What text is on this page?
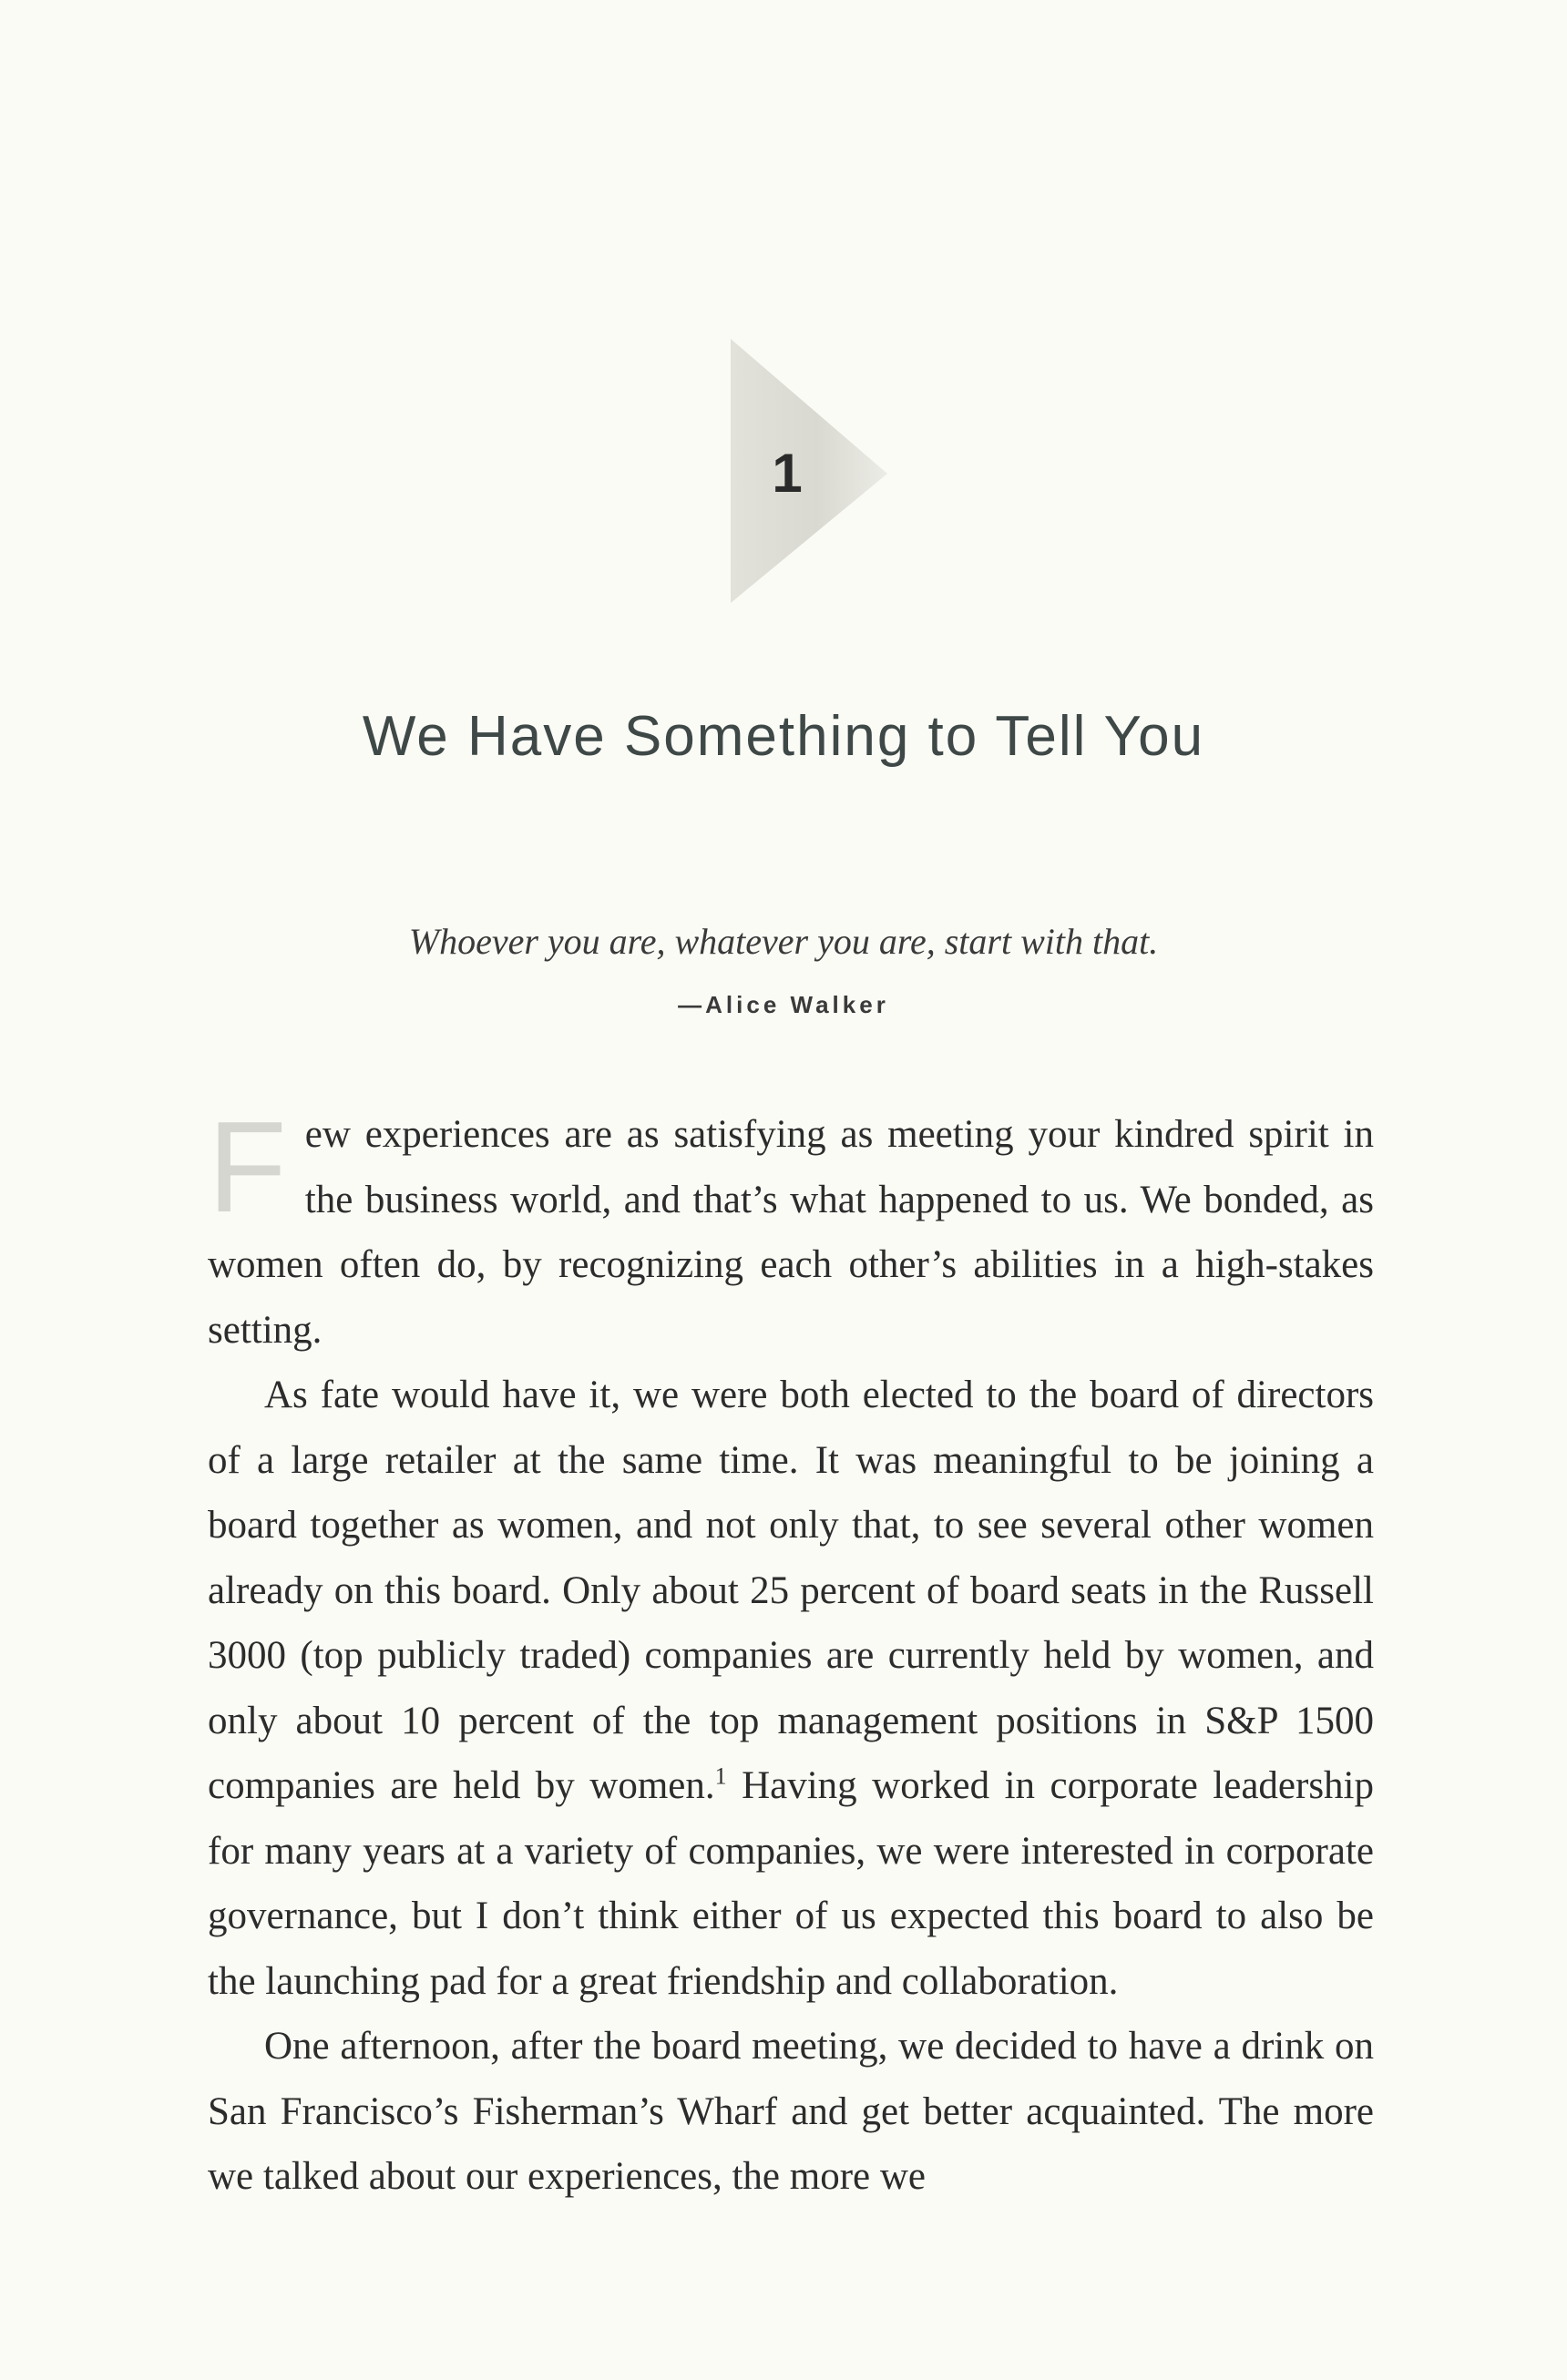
1
We Have Something to Tell You
Whoever you are, whatever you are, start with that.
—Alice Walker

Few experiences are as satisfying as meeting your kindred spirit in the business world, and that’s what happened to us. We bonded, as women often do, by recognizing each other’s abilities in a high-stakes setting.

As fate would have it, we were both elected to the board of directors of a large retailer at the same time. It was meaningful to be joining a board together as women, and not only that, to see several other women already on this board. Only about 25 percent of board seats in the Russell 3000 (top publicly traded) companies are currently held by women, and only about 10 percent of the top management positions in S&P 1500 companies are held by women.$^1$ Having worked in corporate leadership for many years at a variety of companies, we were interested in corporate governance, but I don’t think either of us expected this board to also be the launching pad for a great friendship and collaboration.

One afternoon, after the board meeting, we decided to have a drink on San Francisco’s Fisherman’s Wharf and get better acquainted. The more we talked about our experiences, the more we
